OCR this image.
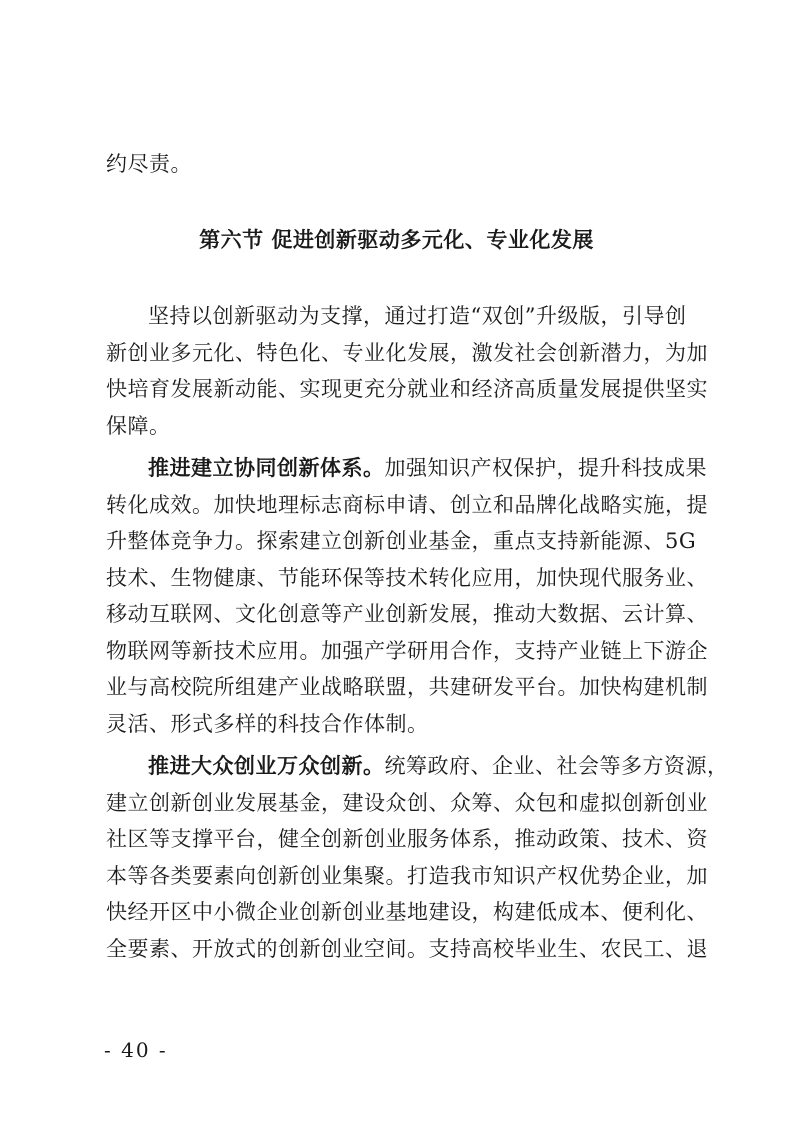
约尽责。

第六节 促进创新驱动多元化、专业化发展

坚持以创新驱动为支撑，通过打造“双创”升级版，引导创
新创业多元化、特色化、专业化发展，激发社会创新潜力，为加
快培育发展新动能、实现更充分就业和经济高质量发展提供坚实
保障。

推进建立协同创新体系。加强知识产权保护，提升科技成果
转化成效。加快地理标志商标申请、创立和品牌化战略实施，提
升整体竞争力。探索建立创新创业基金，重点支持新能源、5G
技术、生物健康、节能环保等技术转化应用，加快现代服务业、
移动互联网、文化创意等产业创新发展，推动大数据、云计算、
物联网等新技术应用。加强产学研用合作，支持产业链上下游企
业与高校院所组建产业战略联盟，共建研发平台。加快构建机制
灵活、形式多样的科技合作体制。

推进大众创业万众创新。统筹政府、企业、社会等多方资源，
建立创新创业发展基金，建设众创、众筹、众包和虚拟创新创业
社区等支撑平台，健全创新创业服务体系，推动政策、技术、资
本等各类要素向创新创业集聚。打造我市知识产权优势企业，加
快经开区中小微企业创新创业基地建设，构建低成本、便利化、
全要素、开放式的创新创业空间。支持高校毕业生、农民工、退

- 40 -
